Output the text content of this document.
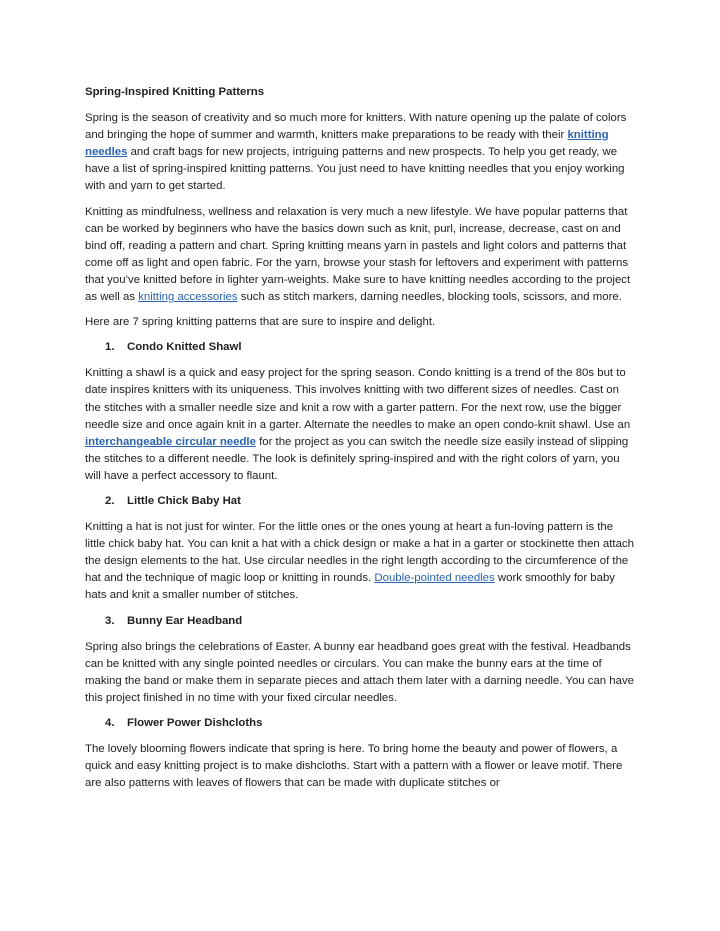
Spring-Inspired Knitting Patterns

Spring is the season of creativity and so much more for knitters. With nature opening up the palate of colors and bringing the hope of summer and warmth, knitters make preparations to be ready with their knitting needles and craft bags for new projects, intriguing patterns and new prospects. To help you get ready, we have a list of spring-inspired knitting patterns. You just need to have knitting needles that you enjoy working with and yarn to get started.

Knitting as mindfulness, wellness and relaxation is very much a new lifestyle. We have popular patterns that can be worked by beginners who have the basics down such as knit, purl, increase, decrease, cast on and bind off, reading a pattern and chart. Spring knitting means yarn in pastels and light colors and patterns that come off as light and open fabric. For the yarn, browse your stash for leftovers and experiment with patterns that you’ve knitted before in lighter yarn-weights. Make sure to have knitting needles according to the project as well as knitting accessories such as stitch markers, darning needles, blocking tools, scissors, and more.

Here are 7 spring knitting patterns that are sure to inspire and delight.

1. Condo Knitted Shawl

Knitting a shawl is a quick and easy project for the spring season. Condo knitting is a trend of the 80s but to date inspires knitters with its uniqueness. This involves knitting with two different sizes of needles. Cast on the stitches with a smaller needle size and knit a row with a garter pattern. For the next row, use the bigger needle size and once again knit in a garter. Alternate the needles to make an open condo-knit shawl. Use an interchangeable circular needle for the project as you can switch the needle size easily instead of slipping the stitches to a different needle. The look is definitely spring-inspired and with the right colors of yarn, you will have a perfect accessory to flaunt.

2. Little Chick Baby Hat

Knitting a hat is not just for winter. For the little ones or the ones young at heart a fun-loving pattern is the little chick baby hat. You can knit a hat with a chick design or make a hat in a garter or stockinette then attach the design elements to the hat. Use circular needles in the right length according to the circumference of the hat and the technique of magic loop or knitting in rounds. Double-pointed needles work smoothly for baby hats and knit a smaller number of stitches.

3. Bunny Ear Headband

Spring also brings the celebrations of Easter. A bunny ear headband goes great with the festival. Headbands can be knitted with any single pointed needles or circulars. You can make the bunny ears at the time of making the band or make them in separate pieces and attach them later with a darning needle. You can have this project finished in no time with your fixed circular needles.

4. Flower Power Dishcloths

The lovely blooming flowers indicate that spring is here. To bring home the beauty and power of flowers, a quick and easy knitting project is to make dishcloths. Start with a pattern with a flower or leave motif. There are also patterns with leaves of flowers that can be made with duplicate stitches or
